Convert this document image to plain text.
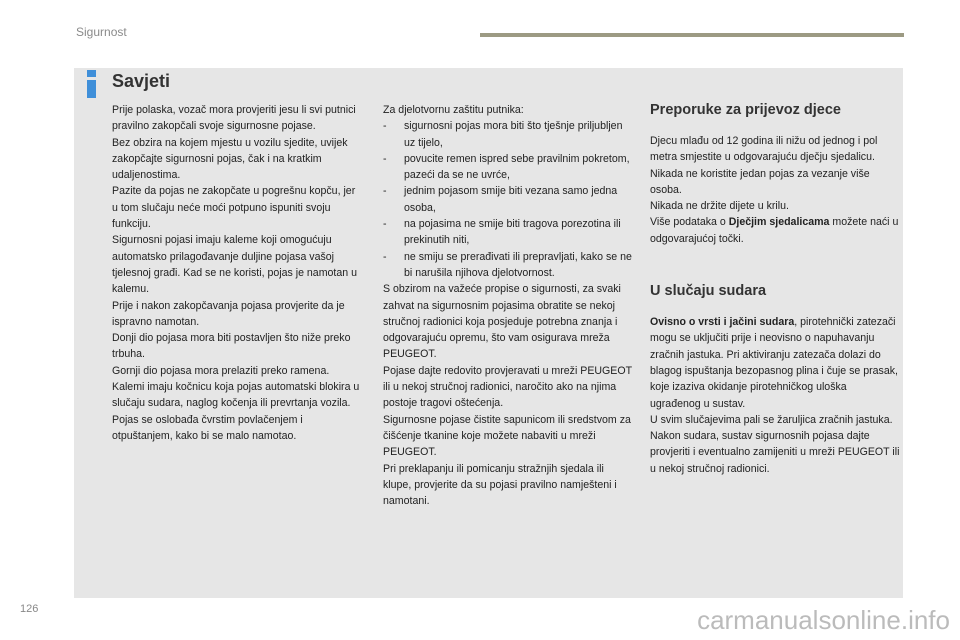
Sigurnost
Savjeti

Prije polaska, vozač mora provjeriti jesu li svi putnici pravilno zakopčali svoje sigurnosne pojase.

Bez obzira na kojem mjestu u vozilu sjedite, uvijek zakopčajte sigurnosni pojas, čak i na kratkim udaljenostima.

Pazite da pojas ne zakopčate u pogrešnu kopču, jer u tom slučaju neće moći potpuno ispuniti svoju funkciju.

Sigurnosni pojasi imaju kaleme koji omogućuju automatsko prilagođavanje duljine pojasa vašoj tjelesnoj građi. Kad se ne koristi, pojas je namotan u kalemu.

Prije i nakon zakopčavanja pojasa provjerite da je ispravno namotan.

Donji dio pojasa mora biti postavljen što niže preko trbuha.

Gornji dio pojasa mora prelaziti preko ramena.

Kalemi imaju kočnicu koja pojas automatski blokira u slučaju sudara, naglog kočenja ili prevrtanja vozila. Pojas se oslobađa čvrstim povlačenjem i otpuštanjem, kako bi se malo namotao.

Za djelotvornu zaštitu putnika:

- sigurnosni pojas mora biti što tješnje priljubljen uz tijelo,
- povucite remen ispred sebe pravilnim pokretom, pazeći da se ne uvrće,
- jednim pojasom smije biti vezana samo jedna osoba,
- na pojasima ne smije biti tragova porezotina ili prekinutih niti,
- ne smiju se prerađivati ili prepravljati, kako se ne bi narušila njihova djelotvornost.

S obzirom na važeće propise o sigurnosti, za svaki zahvat na sigurnosnim pojasima obratite se nekoj stručnoj radionici koja posjeduje potrebna znanja i odgovarajuću opremu, što vam osigurava mreža PEUGEOT.

Pojase dajte redovito provjeravati u mreži PEUGEOT ili u nekoj stručnoj radionici, naročito ako na njima postoje tragovi oštećenja.

Sigurnosne pojase čistite sapunicom ili sredstvom za čišćenje tkanine koje možete nabaviti u mreži PEUGEOT.

Pri preklapanju ili pomicanju stražnjih sjedala ili klupe, provjerite da su pojasi pravilno namješteni i namotani.

Preporuke za prijevoz djece

Djecu mlađu od 12 godina ili nižu od jednog i pol metra smjestite u odgovarajuću dječju sjedalicu.

Nikada ne koristite jedan pojas za vezanje više osoba.

Nikada ne držite dijete u krilu.

Više podataka o Dječjim sjedalicama možete naći u odgovarajućoj točki.

U slučaju sudara

Ovisno o vrsti i jačini sudara, pirotehnički zatezači mogu se uključiti prije i neovisno o napuhavanju zračnih jastuka. Pri aktiviranju zatezača dolazi do blagog ispuštanja bezopasnog plina i čuje se prasak, koje izaziva okidanje pirotehničkog uloška ugrađenog u sustav.

U svim slučajevima pali se žaruljica zračnih jastuka.

Nakon sudara, sustav sigurnosnih pojasa dajte provjeriti i eventualno zamijeniti u mreži PEUGEOT ili u nekoj stručnoj radionici.

126	carmanualsonline.info
